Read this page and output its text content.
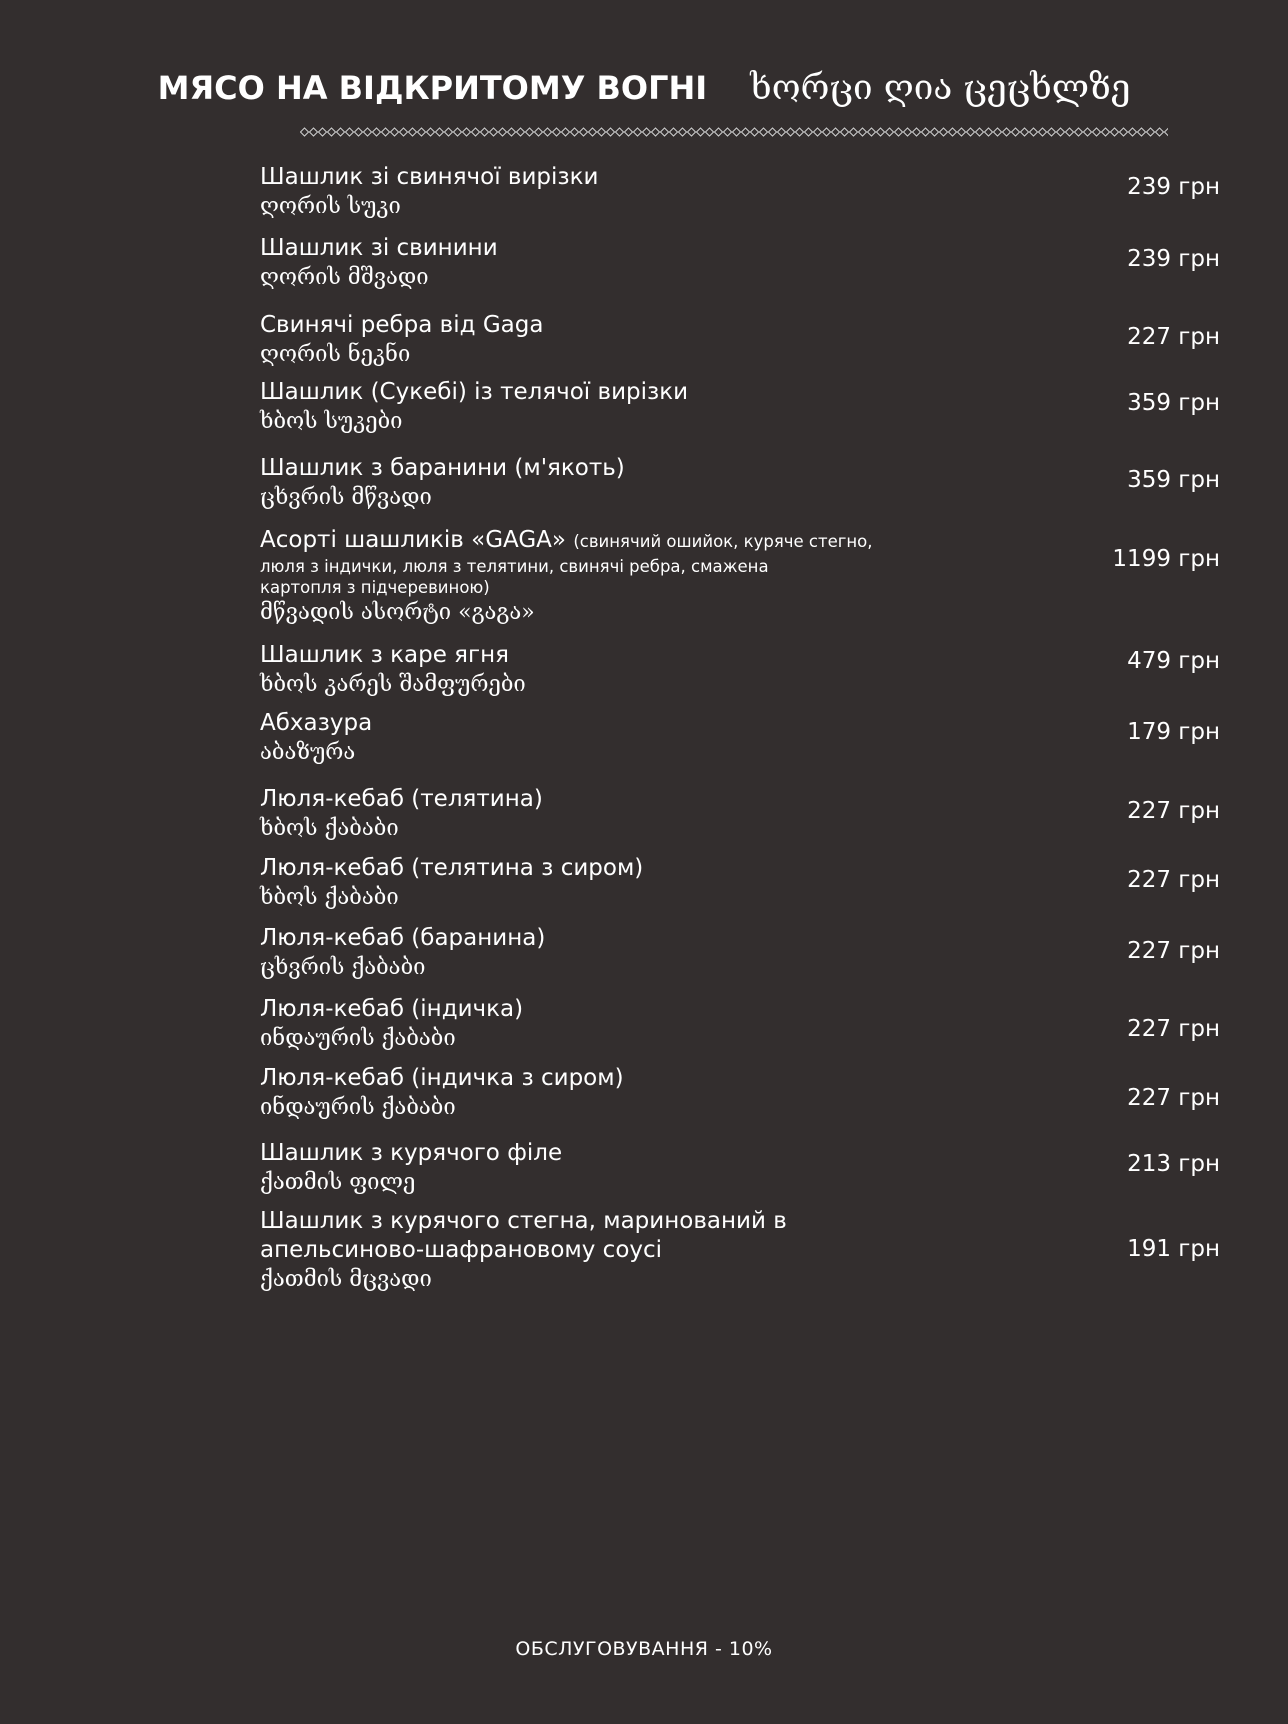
МЯСО НА ВІДКРИТОМУ ВОГНІ ხორცი ღია ცეცხლზე
Шашлик зі свинячої вирізки
ღორის სუკი
239 грн
Шашлик зі свинини
ღორის მშვადი
239 грн
Свинячі ребра від Gaga
ღორის ნეკნი
227 грн
Шашлик (Сукебі) із телячої вирізки
ხბოს სუკები
359 грн
Шашлик з баранини (м'якоть)
ცხვრის მწვადი
359 грн
Асорті шашликів «GAGA» (свинячий ошийок, куряче стегно,
люля з індички, люля з телятини, свинячі ребра, смажена
картопля з підчеревиною)
მწვადის ასორტი «გაგა»
1199 грн
Шашлик з каре ягня
ხბოს კარეს შამფურები
479 грн
Абхазура
აბაზურა
179 грн
Люля-кебаб (телятина)
ხბოს ქაბაბი
227 грн
Люля-кебаб (телятина з сиром)
ხბოს ქაბაბი
227 грн
Люля-кебаб (баранина)
ცხვრის ქაბაბი
227 грн
Люля-кебаб (індичка)
ინდაურის ქაბაბი	227 грн
Люля-кебаб (індичка з сиром)
ინდაურის ქაბაბი	227 грн
Шашлик з курячого філе
ქათმის ფილე
213 грн
Шашлик з курячого стегна, маринований в
апельсиново-шафрановому соусі
ქათმის მცვადი
191 грн
ОБСЛУГОВУВАННЯ - 10%
